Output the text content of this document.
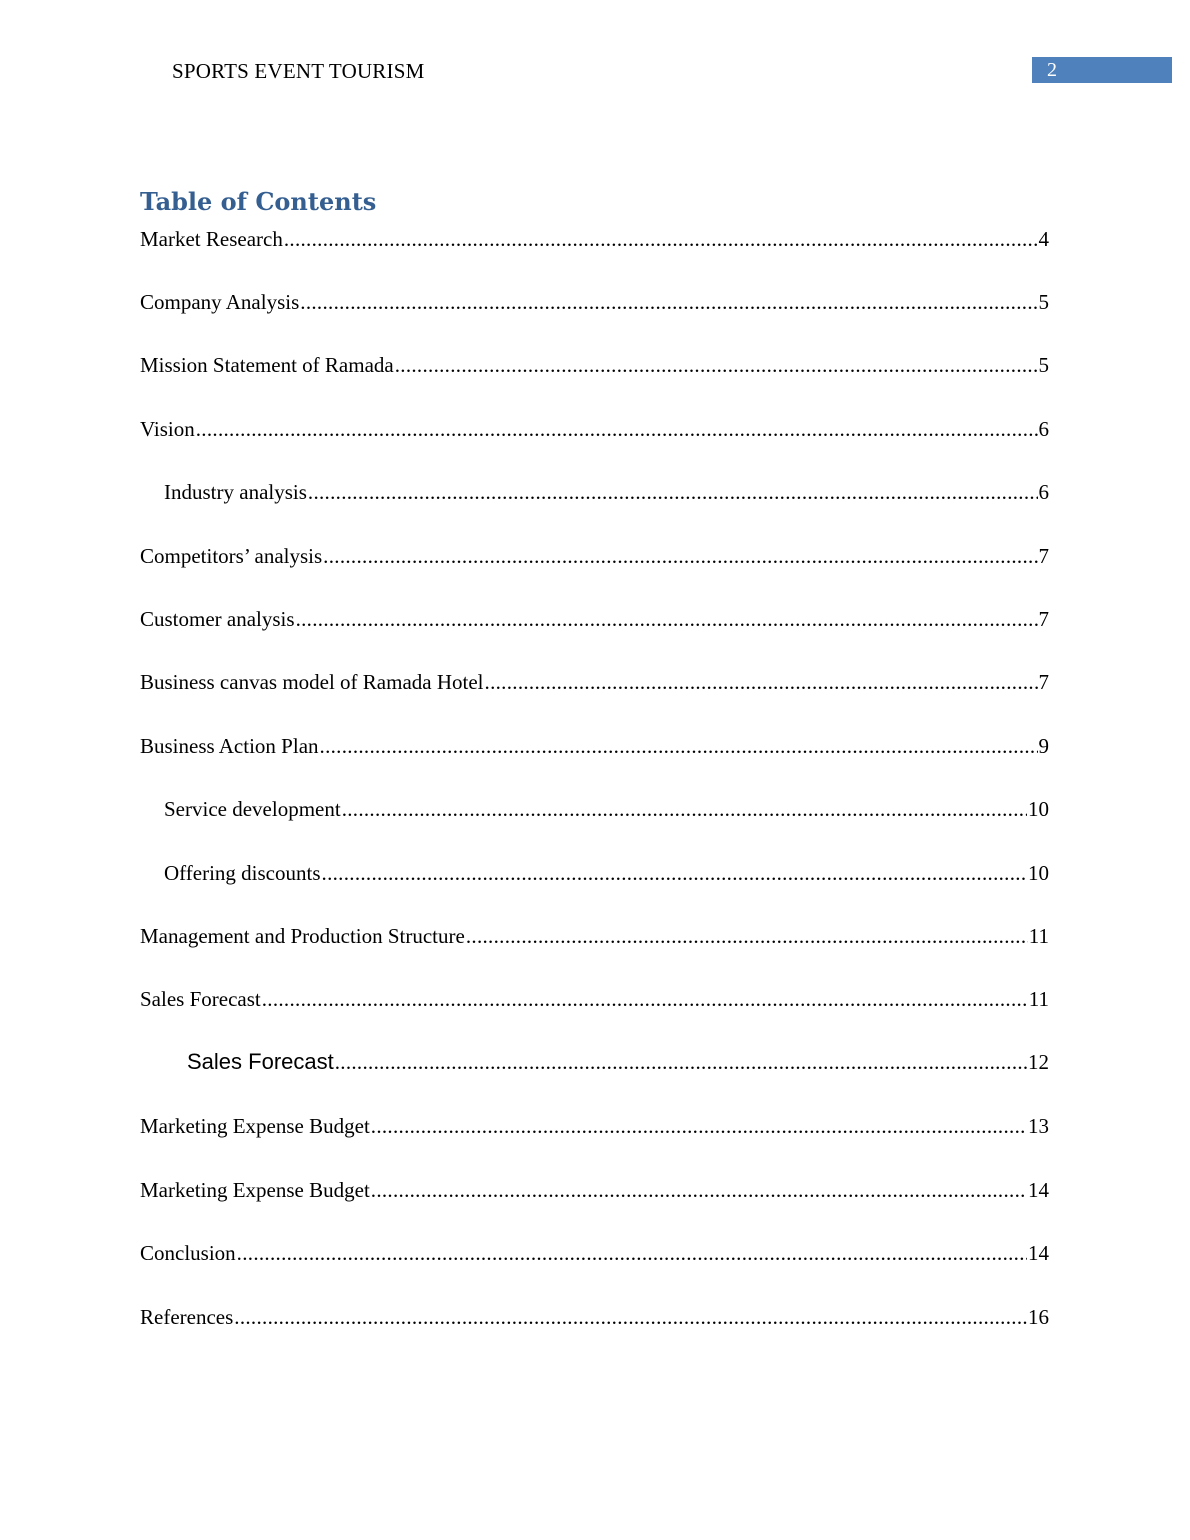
SPORTS EVENT TOURISM	2
Table of Contents
Market Research .....	4
Company Analysis .....	5
Mission Statement of Ramada .....	5
Vision .....	6
Industry analysis .....	6
Competitors’ analysis .....	7
Customer analysis .....	7
Business canvas model of Ramada Hotel .....	7
Business Action Plan .....	9
Service development .....	10
Offering discounts .....	10
Management and Production Structure .....	11
Sales Forecast .....	11
Sales Forecast .....	12
Marketing Expense Budget .....	13
Marketing Expense Budget .....	14
Conclusion .....	14
References .....	16
